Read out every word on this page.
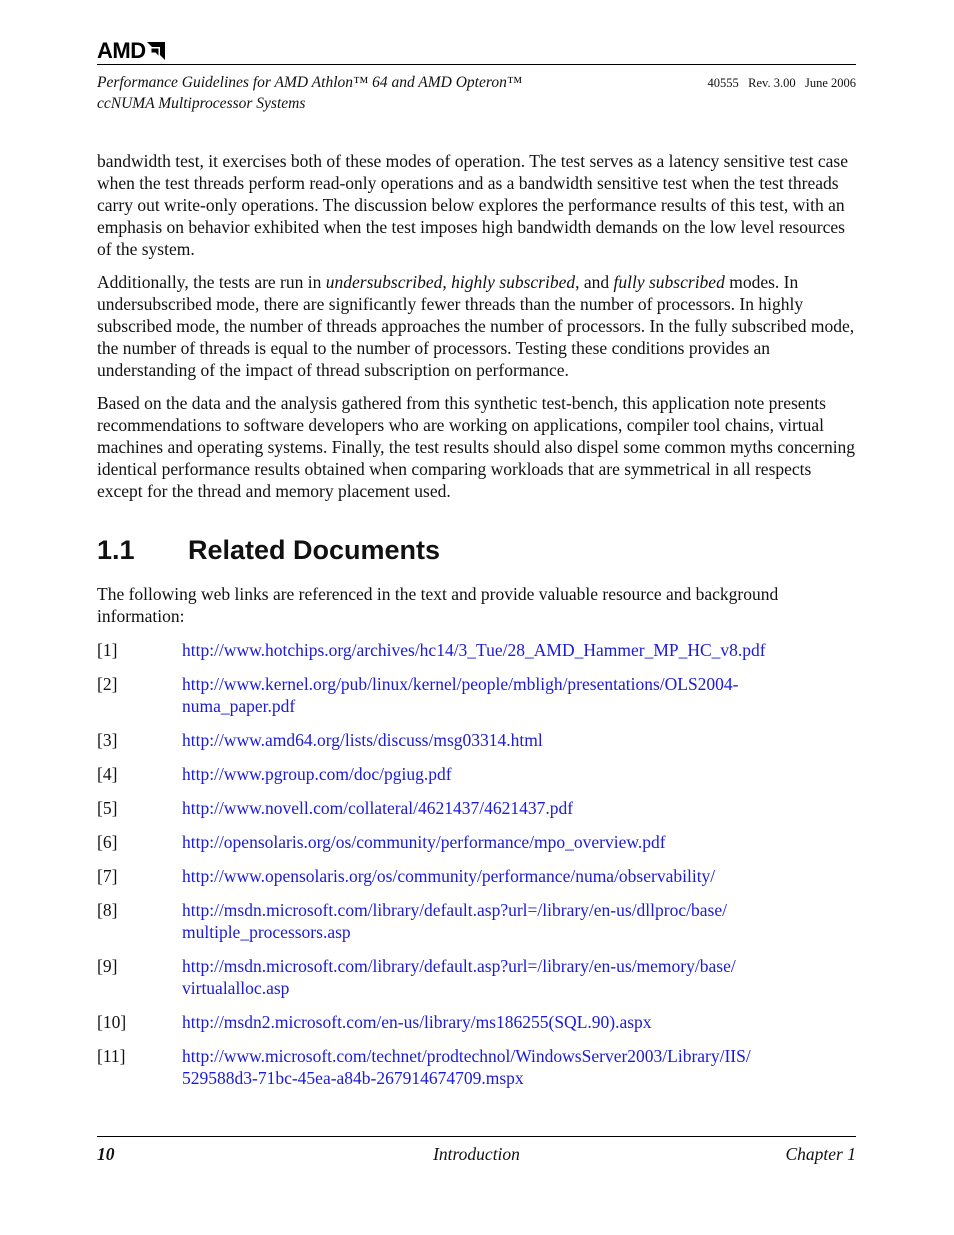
AMD
Performance Guidelines for AMD Athlon™ 64 and AMD Opteron™
ccNUMA Multiprocessor Systems
40555   Rev. 3.00   June 2006

bandwidth test, it exercises both of these modes of operation. The test serves as a latency sensitive test case when the test threads perform read-only operations and as a bandwidth sensitive test when the test threads carry out write-only operations. The discussion below explores the performance results of this test, with an emphasis on behavior exhibited when the test imposes high bandwidth demands on the low level resources of the system.

Additionally, the tests are run in undersubscribed, highly subscribed, and fully subscribed modes. In undersubscribed mode, there are significantly fewer threads than the number of processors. In highly subscribed mode, the number of threads approaches the number of processors. In the fully subscribed mode, the number of threads is equal to the number of processors. Testing these conditions provides an understanding of the impact of thread subscription on performance.

Based on the data and the analysis gathered from this synthetic test-bench, this application note presents recommendations to software developers who are working on applications, compiler tool chains, virtual machines and operating systems. Finally, the test results should also dispel some common myths concerning identical performance results obtained when comparing workloads that are symmetrical in all respects except for the thread and memory placement used.

1.1 Related Documents

The following web links are referenced in the text and provide valuable resource and background information:

[1]	http://www.hotchips.org/archives/hc14/3_Tue/28_AMD_Hammer_MP_HC_v8.pdf
[2]	http://www.kernel.org/pub/linux/kernel/people/mbligh/presentations/OLS2004-
numa_paper.pdf
[3]	http://www.amd64.org/lists/discuss/msg03314.html
[4]	http://www.pgroup.com/doc/pgiug.pdf
[5]	http://www.novell.com/collateral/4621437/4621437.pdf
[6]	http://opensolaris.org/os/community/performance/mpo_overview.pdf
[7]	http://www.opensolaris.org/os/community/performance/numa/observability/
[8]	http://msdn.microsoft.com/library/default.asp?url=/library/en-us/dllproc/base/
multiple_processors.asp
[9]	http://msdn.microsoft.com/library/default.asp?url=/library/en-us/memory/base/
virtualalloc.asp
[10]	http://msdn2.microsoft.com/en-us/library/ms186255(SQL.90).aspx
[11]	http://www.microsoft.com/technet/prodtechnol/WindowsServer2003/Library/IIS/
529588d3-71bc-45ea-a84b-267914674709.mspx
10	Introduction	Chapter 1
